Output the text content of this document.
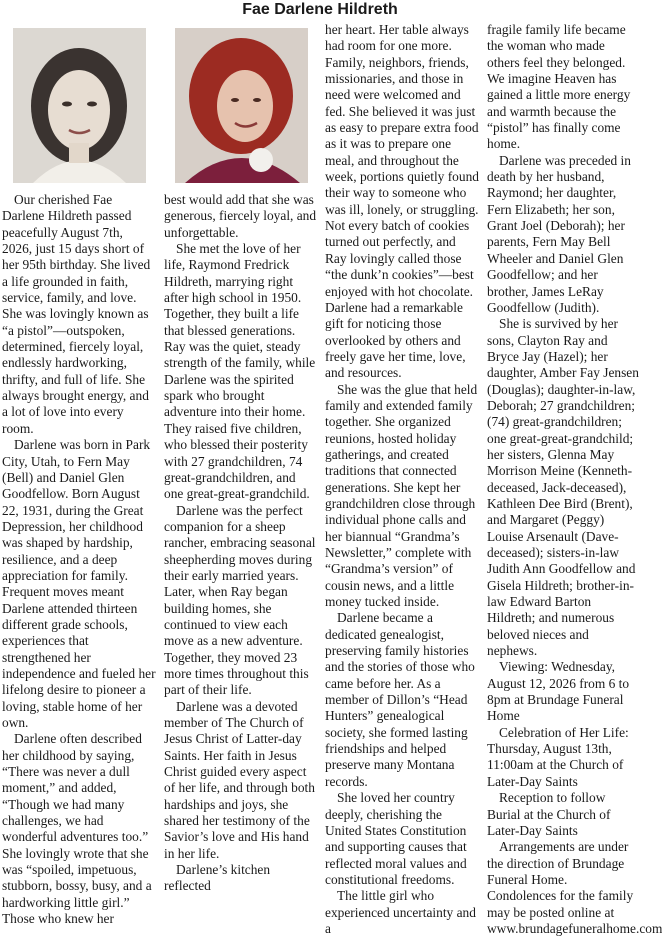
Fae Darlene Hildreth

Our cherished Fae Darlene Hildreth passed peacefully August 7th, 2026, just 15 days short of her 95th birthday. She lived a life grounded in faith, service, family, and love. She was lovingly known as “a pistol”—outspoken, determined, fiercely loyal, endlessly hardworking, thrifty, and full of life. She always brought energy, and a lot of love into every room.

Darlene was born in Park City, Utah, to Fern May (Bell) and Daniel Glen Goodfellow. Born August 22, 1931, during the Great Depression, her childhood was shaped by hardship, resilience, and a deep appreciation for family. Frequent moves meant Darlene attended thirteen different grade schools, experiences that strengthened her independence and fueled her lifelong desire to pioneer a loving, stable home of her own.

Darlene often described her childhood by saying, “There was never a dull moment,” and added, “Though we had many challenges, we had wonderful adventures too.” She lovingly wrote that she was “spoiled, impetuous, stubborn, bossy, busy, and a hardworking little girl.” Those who knew her

best would add that she was generous, fiercely loyal, and unforgettable.

She met the love of her life, Raymond Fredrick Hildreth, marrying right after high school in 1950. Together, they built a life that blessed generations. Ray was the quiet, steady strength of the family, while Darlene was the spirited spark who brought adventure into their home. They raised five children, who blessed their posterity with 27 grandchildren, 74 great-grandchildren, and one great-great-grandchild.

Darlene was the perfect companion for a sheep rancher, embracing seasonal sheepherding moves during their early married years. Later, when Ray began building homes, she continued to view each move as a new adventure. Together, they moved 23 more times throughout this part of their life.

Darlene was a devoted member of The Church of Jesus Christ of Latter-day Saints. Her faith in Jesus Christ guided every aspect of her life, and through both hardships and joys, she shared her testimony of the Savior’s love and His hand in her life.

Darlene’s kitchen reflected

her heart. Her table always had room for one more. Family, neighbors, friends, missionaries, and those in need were welcomed and fed. She believed it was just as easy to prepare extra food as it was to prepare one meal, and throughout the week, portions quietly found their way to someone who was ill, lonely, or struggling. Not every batch of cookies turned out perfectly, and Ray lovingly called those “the dunk’n cookies”—best enjoyed with hot chocolate. Darlene had a remarkable gift for noticing those overlooked by others and freely gave her time, love, and resources.

She was the glue that held family and extended family together. She organized reunions, hosted holiday gatherings, and created traditions that connected generations. She kept her grandchildren close through individual phone calls and her biannual “Grandma’s Newsletter,” complete with “Grandma’s version” of cousin news, and a little money tucked inside.

Darlene became a dedicated genealogist, preserving family histories and the stories of those who came before her. As a member of Dillon’s “Head Hunters” genealogical society, she formed lasting friendships and helped preserve many Montana records.

She loved her country deeply, cherishing the United States Constitution and supporting causes that reflected moral values and constitutional freedoms.

The little girl who experienced uncertainty and a

fragile family life became the woman who made others feel they belonged. We imagine Heaven has gained a little more energy and warmth because the “pistol” has finally come home.

Darlene was preceded in death by her husband, Raymond; her daughter, Fern Elizabeth; her son, Grant Joel (Deborah); her parents, Fern May Bell Wheeler and Daniel Glen Goodfellow; and her brother, James LeRay Goodfellow (Judith).

She is survived by her sons, Clayton Ray and Bryce Jay (Hazel); her daughter, Amber Fay Jensen (Douglas); daughter-in-law, Deborah; 27 grandchildren; (74) great-grandchildren; one great-great-grandchild; her sisters, Glenna May Morrison Meine (Kenneth-deceased, Jack-deceased), Kathleen Dee Bird (Brent), and Margaret (Peggy) Louise Arsenault (Dave-deceased); sisters-in-law Judith Ann Goodfellow and Gisela Hildreth; brother-in-law Edward Barton Hildreth; and numerous beloved nieces and nephews.

Viewing: Wednesday, August 12, 2026 from 6 to 8pm at Brundage Funeral Home

Celebration of Her Life: Thursday, August 13th, 11:00am at the Church of Later-Day Saints

Reception to follow Burial at the Church of Later-Day Saints

Arrangements are under the direction of Brundage Funeral Home. Condolences for the family may be posted online at www.brundagefuneralhome.com
